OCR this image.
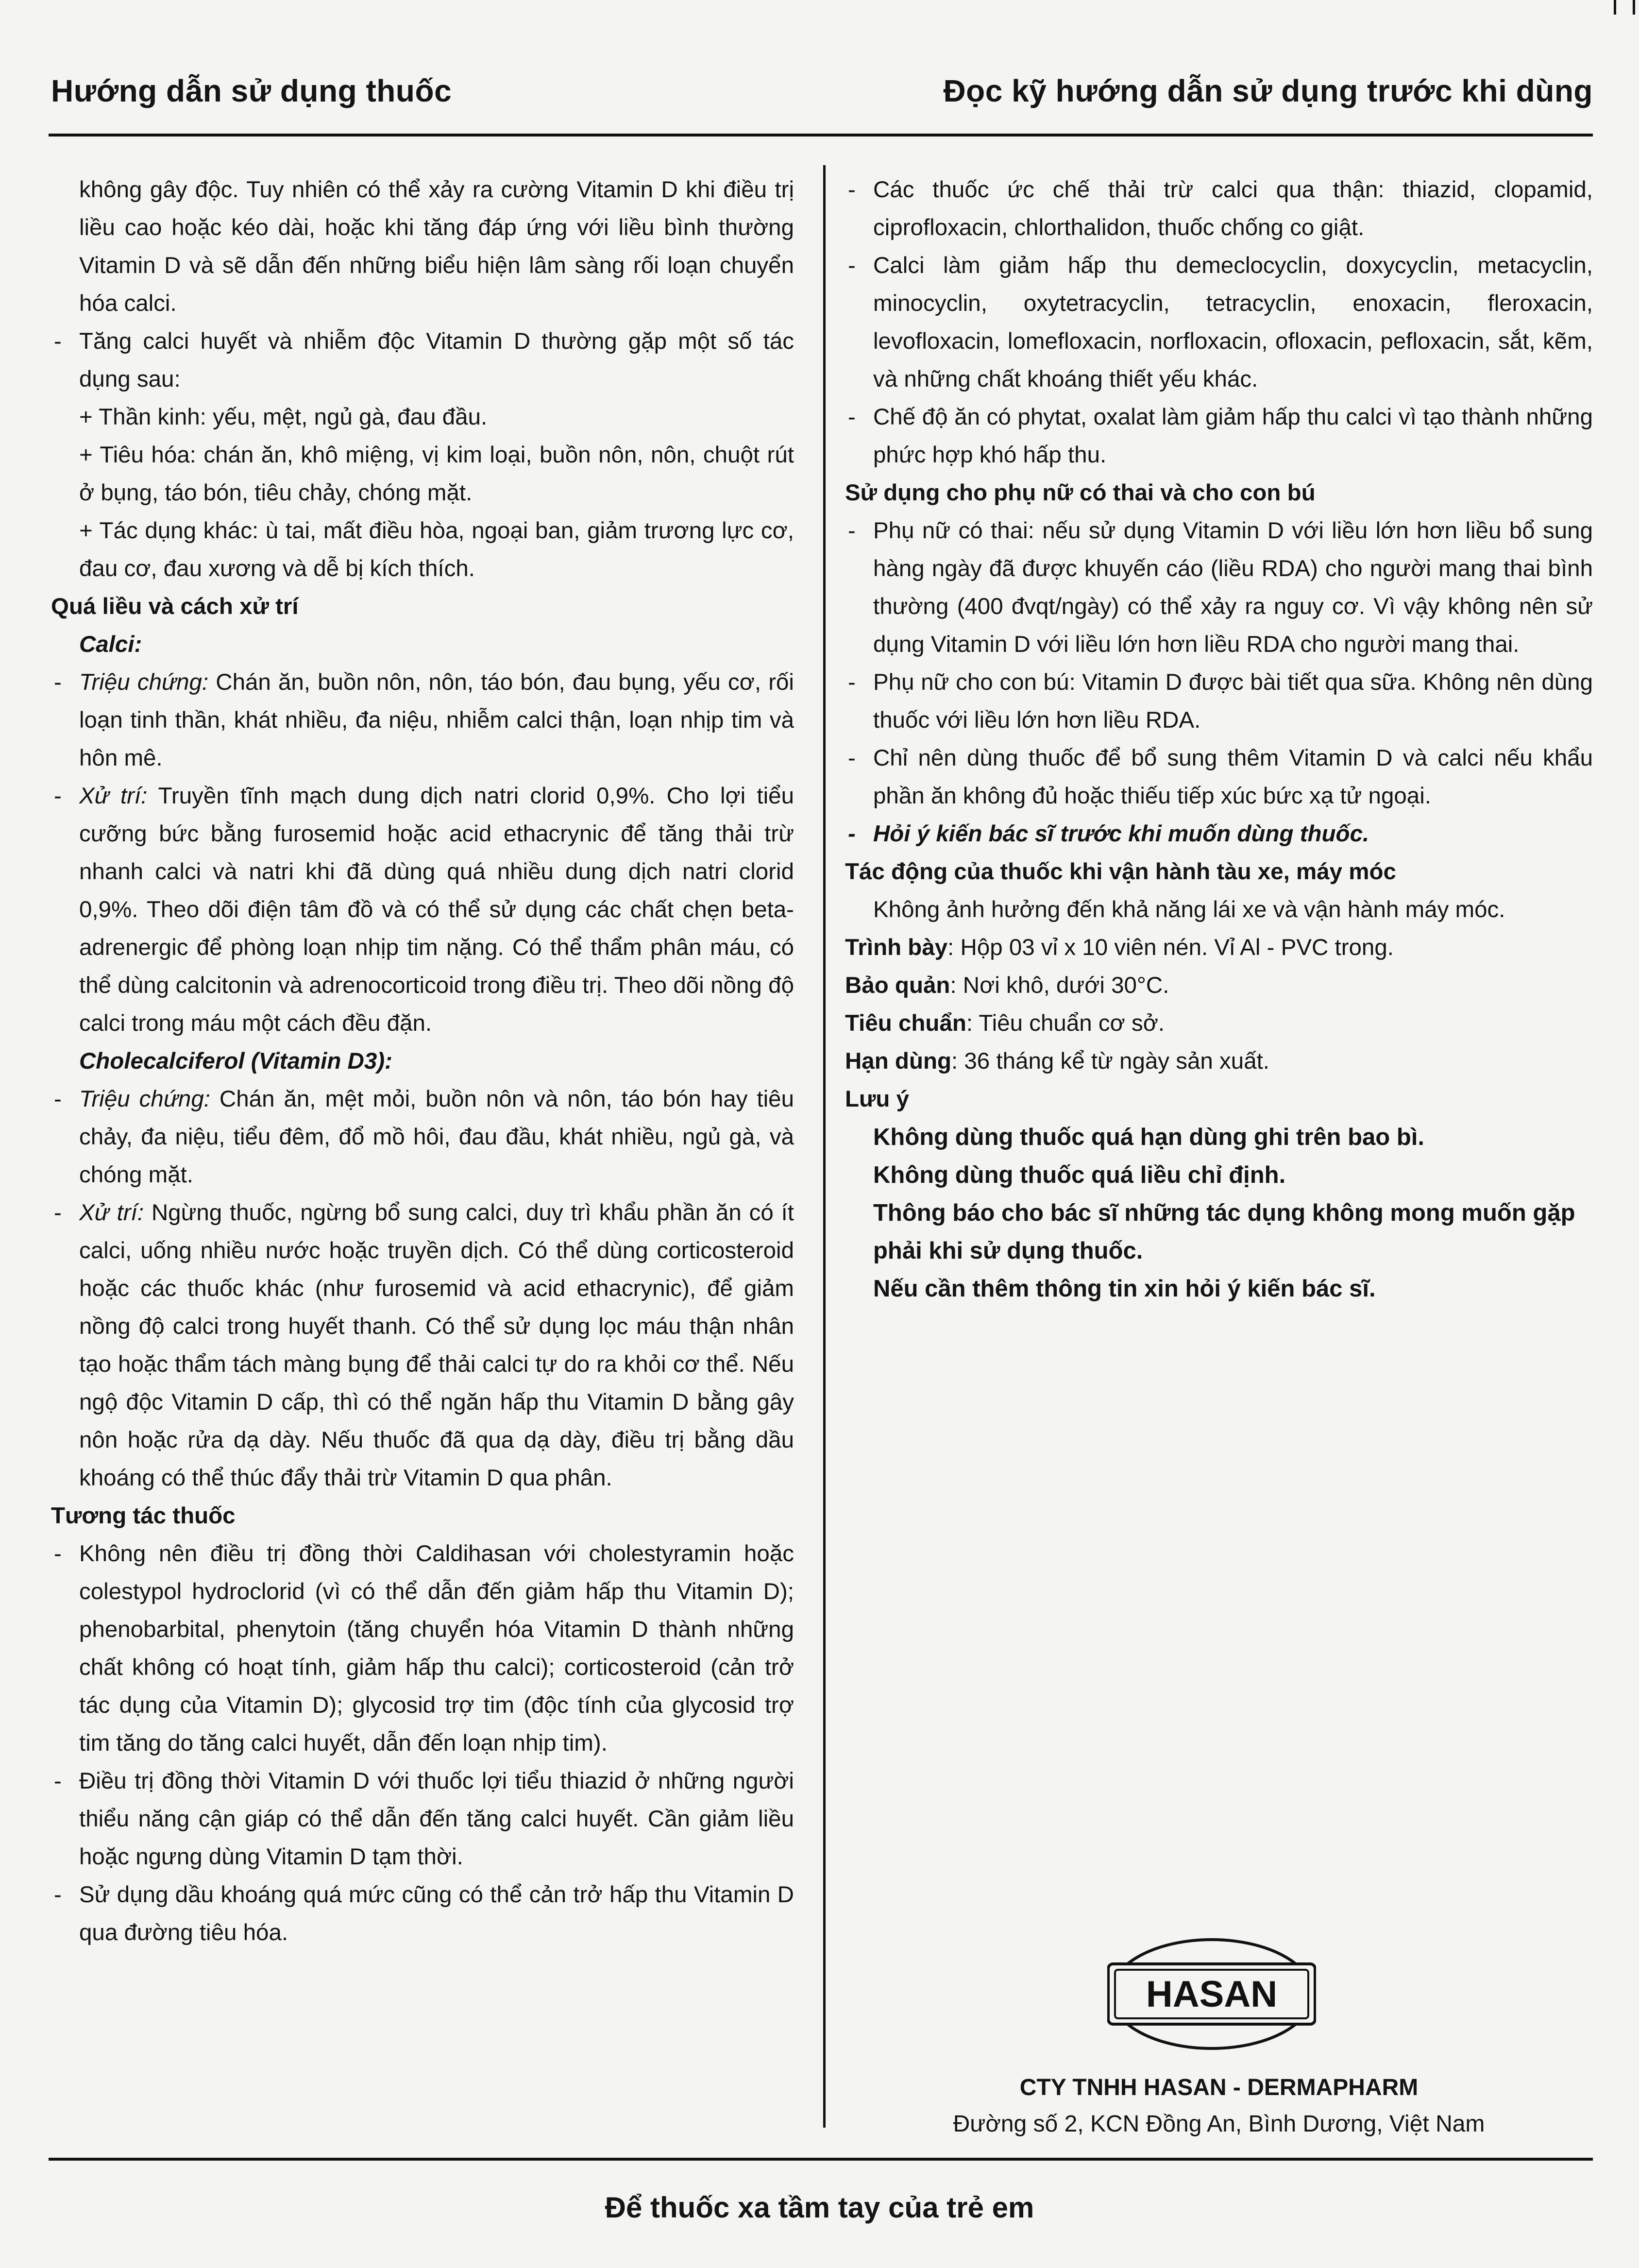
Hướng dẫn sử dụng thuốc	Đọc kỹ hướng dẫn sử dụng trước khi dùng
không gây độc. Tuy nhiên có thể xảy ra cường Vitamin D khi điều trị liều cao hoặc kéo dài, hoặc khi tăng đáp ứng với liều bình thường Vitamin D và sẽ dẫn đến những biểu hiện lâm sàng rối loạn chuyển hóa calci.
- Tăng calci huyết và nhiễm độc Vitamin D thường gặp một số tác dụng sau:
+ Thần kinh: yếu, mệt, ngủ gà, đau đầu.
+ Tiêu hóa: chán ăn, khô miệng, vị kim loại, buồn nôn, nôn, chuột rút ở bụng, táo bón, tiêu chảy, chóng mặt.
+ Tác dụng khác: ù tai, mất điều hòa, ngoại ban, giảm trương lực cơ, đau cơ, đau xương và dễ bị kích thích.
Quá liều và cách xử trí
Calci:
- Triệu chứng: Chán ăn, buồn nôn, nôn, táo bón, đau bụng, yếu cơ, rối loạn tinh thần, khát nhiều, đa niệu, nhiễm calci thận, loạn nhịp tim và hôn mê.
- Xử trí: Truyền tĩnh mạch dung dịch natri clorid 0,9%. Cho lợi tiểu cưỡng bức bằng furosemid hoặc acid ethacrynic để tăng thải trừ nhanh calci và natri khi đã dùng quá nhiều dung dịch natri clorid 0,9%. Theo dõi điện tâm đồ và có thể sử dụng các chất chẹn beta-adrenergic để phòng loạn nhịp tim nặng. Có thể thẩm phân máu, có thể dùng calcitonin và adrenocorticoid trong điều trị. Theo dõi nồng độ calci trong máu một cách đều đặn.
Cholecalciferol (Vitamin D3):
- Triệu chứng: Chán ăn, mệt mỏi, buồn nôn và nôn, táo bón hay tiêu chảy, đa niệu, tiểu đêm, đổ mồ hôi, đau đầu, khát nhiều, ngủ gà, và chóng mặt.
- Xử trí: Ngừng thuốc, ngừng bổ sung calci, duy trì khẩu phần ăn có ít calci, uống nhiều nước hoặc truyền dịch. Có thể dùng corticosteroid hoặc các thuốc khác (như furosemid và acid ethacrynic), để giảm nồng độ calci trong huyết thanh. Có thể sử dụng lọc máu thận nhân tạo hoặc thẩm tách màng bụng để thải calci tự do ra khỏi cơ thể. Nếu ngộ độc Vitamin D cấp, thì có thể ngăn hấp thu Vitamin D bằng gây nôn hoặc rửa dạ dày. Nếu thuốc đã qua dạ dày, điều trị bằng dầu khoáng có thể thúc đẩy thải trừ Vitamin D qua phân.
Tương tác thuốc
- Không nên điều trị đồng thời Caldihasan với cholestyramin hoặc colestypol hydroclorid (vì có thể dẫn đến giảm hấp thu Vitamin D); phenobarbital, phenytoin (tăng chuyển hóa Vitamin D thành những chất không có hoạt tính, giảm hấp thu calci); corticosteroid (cản trở tác dụng của Vitamin D); glycosid trợ tim (độc tính của glycosid trợ tim tăng do tăng calci huyết, dẫn đến loạn nhịp tim).
- Điều trị đồng thời Vitamin D với thuốc lợi tiểu thiazid ở những người thiểu năng cận giáp có thể dẫn đến tăng calci huyết. Cần giảm liều hoặc ngưng dùng Vitamin D tạm thời.
- Sử dụng dầu khoáng quá mức cũng có thể cản trở hấp thu Vitamin D qua đường tiêu hóa.
- Các thuốc ức chế thải trừ calci qua thận: thiazid, clopamid, ciprofloxacin, chlorthalidon, thuốc chống co giật.
- Calci làm giảm hấp thu demeclocyclin, doxycyclin, metacyclin, minocyclin, oxytetracyclin, tetracyclin, enoxacin, fleroxacin, levofloxacin, lomefloxacin, norfloxacin, ofloxacin, pefloxacin, sắt, kẽm, và những chất khoáng thiết yếu khác.
- Chế độ ăn có phytat, oxalat làm giảm hấp thu calci vì tạo thành những phức hợp khó hấp thu.
Sử dụng cho phụ nữ có thai và cho con bú
- Phụ nữ có thai: nếu sử dụng Vitamin D với liều lớn hơn liều bổ sung hàng ngày đã được khuyến cáo (liều RDA) cho người mang thai bình thường (400 đvqt/ngày) có thể xảy ra nguy cơ. Vì vậy không nên sử dụng Vitamin D với liều lớn hơn liều RDA cho người mang thai.
- Phụ nữ cho con bú: Vitamin D được bài tiết qua sữa. Không nên dùng thuốc với liều lớn hơn liều RDA.
- Chỉ nên dùng thuốc để bổ sung thêm Vitamin D và calci nếu khẩu phần ăn không đủ hoặc thiếu tiếp xúc bức xạ tử ngoại.
- Hỏi ý kiến bác sĩ trước khi muốn dùng thuốc.
Tác động của thuốc khi vận hành tàu xe, máy móc
Không ảnh hưởng đến khả năng lái xe và vận hành máy móc.
Trình bày: Hộp 03 vỉ x 10 viên nén. Vỉ Al - PVC trong.
Bảo quản: Nơi khô, dưới 30°C.
Tiêu chuẩn: Tiêu chuẩn cơ sở.
Hạn dùng: 36 tháng kể từ ngày sản xuất.
Lưu ý
Không dùng thuốc quá hạn dùng ghi trên bao bì.
Không dùng thuốc quá liều chỉ định.
Thông báo cho bác sĩ những tác dụng không mong muốn gặp phải khi sử dụng thuốc.
Nếu cần thêm thông tin xin hỏi ý kiến bác sĩ.
HASAN
CTY TNHH HASAN - DERMAPHARM
Đường số 2, KCN Đồng An, Bình Dương, Việt Nam
Để thuốc xa tầm tay của trẻ em
